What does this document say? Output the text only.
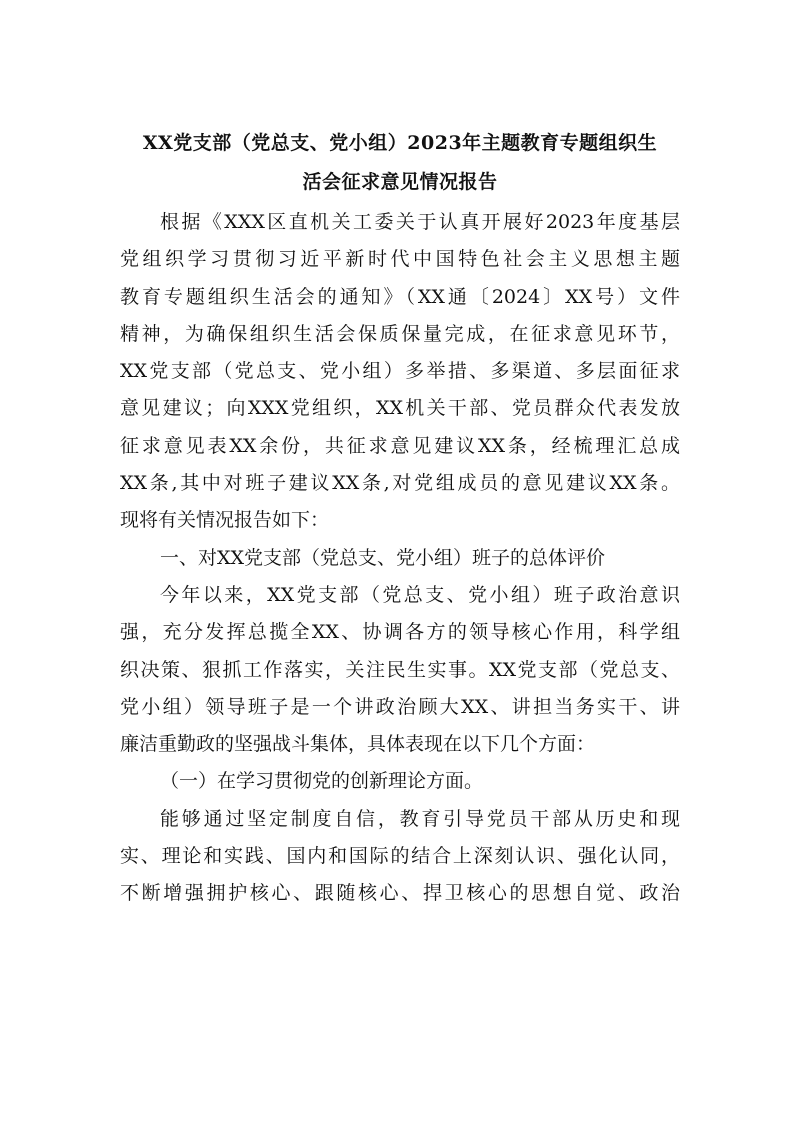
XX党支部（党总支、党小组）2023年主题教育专题组织生
活会征求意见情况报告
根据《XXX区直机关工委关于认真开展好2023年度基层
党组织学习贯彻习近平新时代中国特色社会主义思想主题
教育专题组织生活会的通知》（XX通〔2024〕XX号）文件
精神，为确保组织生活会保质保量完成，在征求意见环节，
XX党支部（党总支、党小组）多举措、多渠道、多层面征求
意见建议；向XXX党组织，XX机关干部、党员群众代表发放
征求意见表XX余份，共征求意见建议XX条，经梳理汇总成
XX条,其中对班子建议XX条,对党组成员的意见建议XX条。
现将有关情况报告如下：
一、对XX党支部（党总支、党小组）班子的总体评价
今年以来，XX党支部（党总支、党小组）班子政治意识
强，充分发挥总揽全XX、协调各方的领导核心作用，科学组
织决策、狠抓工作落实，关注民生实事。XX党支部（党总支、
党小组）领导班子是一个讲政治顾大XX、讲担当务实干、讲
廉洁重勤政的坚强战斗集体，具体表现在以下几个方面：
（一）在学习贯彻党的创新理论方面。
能够通过坚定制度自信，教育引导党员干部从历史和现
实、理论和实践、国内和国际的结合上深刻认识、强化认同，
不断增强拥护核心、跟随核心、捍卫核心的思想自觉、政治
